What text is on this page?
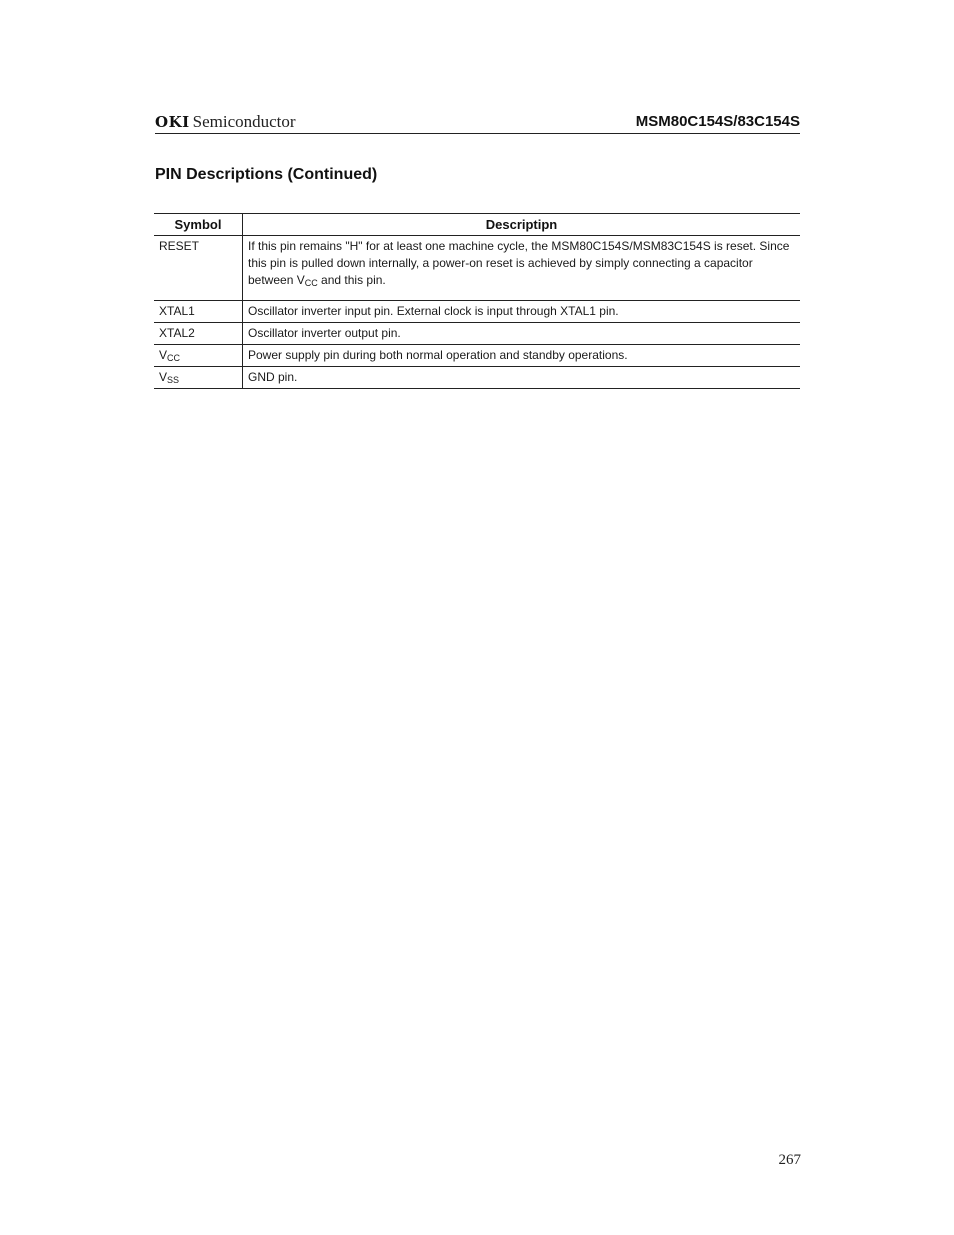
OKI Semiconductor	MSM80C154S/83C154S
PIN Descriptions (Continued)
Symbol	Descriptipn
RESET	If this pin remains "H" for at least one machine cycle, the MSM80C154S/MSM83C154S is reset. Since this pin is pulled down internally, a power-on reset is achieved by simply connecting a capacitor between $V_{CC}$ and this pin.
XTAL1	Oscillator inverter input pin. External clock is input through XTAL1 pin.
XTAL2	Oscillator inverter output pin.
$V_{CC}$	Power supply pin during both normal operation and standby operations.
$V_{SS}$	GND pin.
267
